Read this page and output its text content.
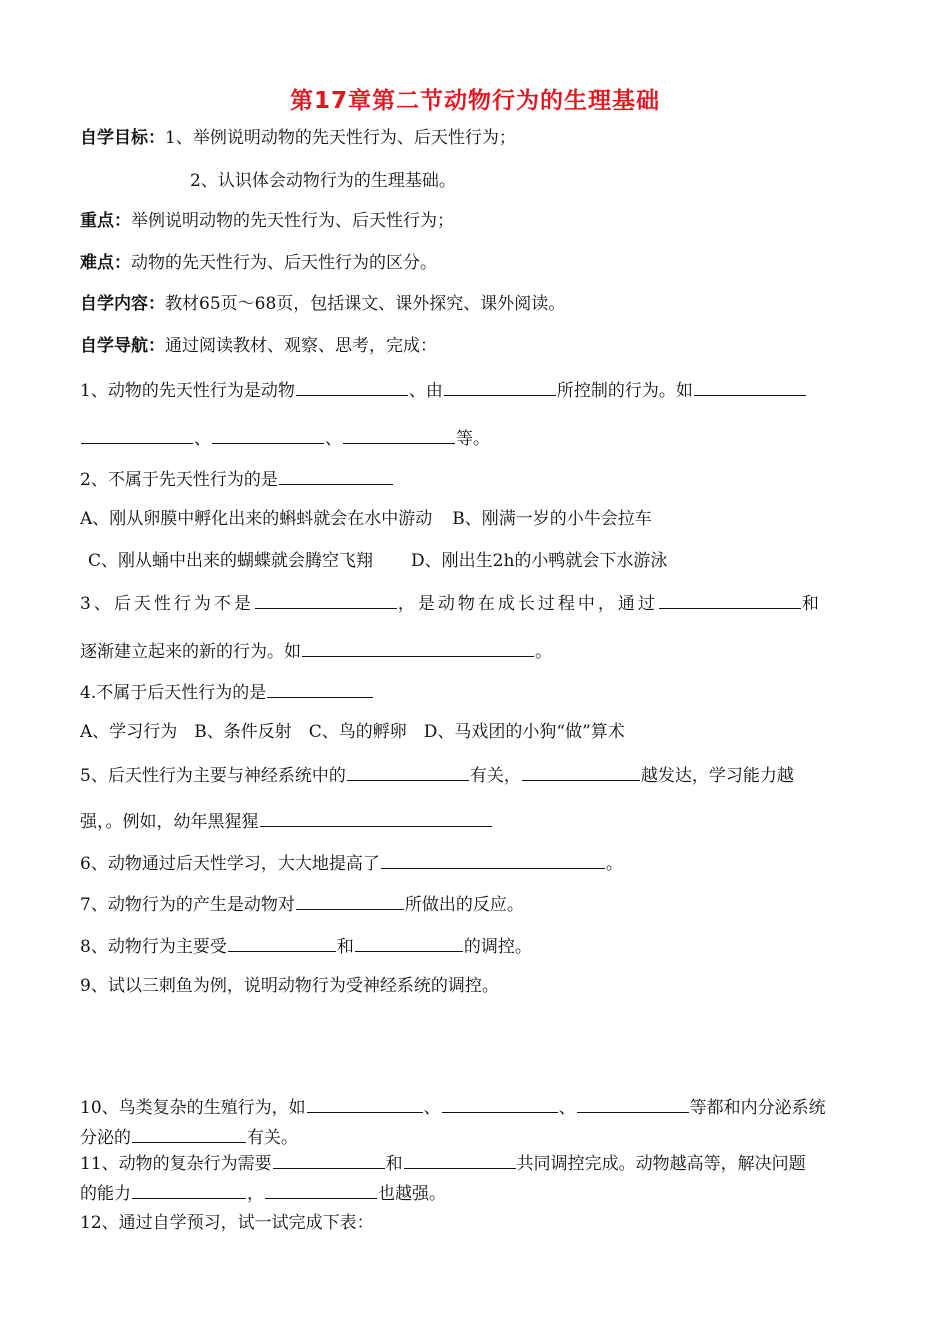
第17章第二节动物行为的生理基础
自学目标：1、举例说明动物的先天性行为、后天性行为；
2、认识体会动物行为的生理基础。
重点：举例说明动物的先天性行为、后天性行为；
难点：动物的先天性行为、后天性行为的区分。
自学内容：教材65页～68页，包括课文、课外探究、课外阅读。
自学导航：通过阅读教材、观察、思考，完成：
1、动物的先天性行为是动物	、由	所控制的行为。如
、	、	等。
2、不属于先天性行为的是
A、刚从卵膜中孵化出来的蝌蚪就会在水中游动 B、刚满一岁的小牛会拉车
C、刚从蛹中出来的蝴蝶就会腾空飞翔 D、刚出生2h的小鸭就会下水游泳
3、后天性行为不是	，是动物在成长过程中，通过	和
逐渐建立起来的新的行为。如	。
4.不属于后天性行为的是
A、学习行为　B、条件反射　C、鸟的孵卵　D、马戏团的小狗“做”算术
5、后天性行为主要与神经系统中的	有关，	越发达，学习能力越
强，。例如，幼年黑猩猩
6、动物通过后天性学习，大大地提高了	。
7、动物行为的产生是动物对	所做出的反应。
8、动物行为主要受	和	的调控。
9、试以三刺鱼为例，说明动物行为受神经系统的调控。
10、鸟类复杂的生殖行为，如	、	、	等都和内分泌系统
分泌的	有关。
11、动物的复杂行为需要	和	共同调控完成。动物越高等，解决问题
的能力	，	也越强。
12、通过自学预习，试一试完成下表：
